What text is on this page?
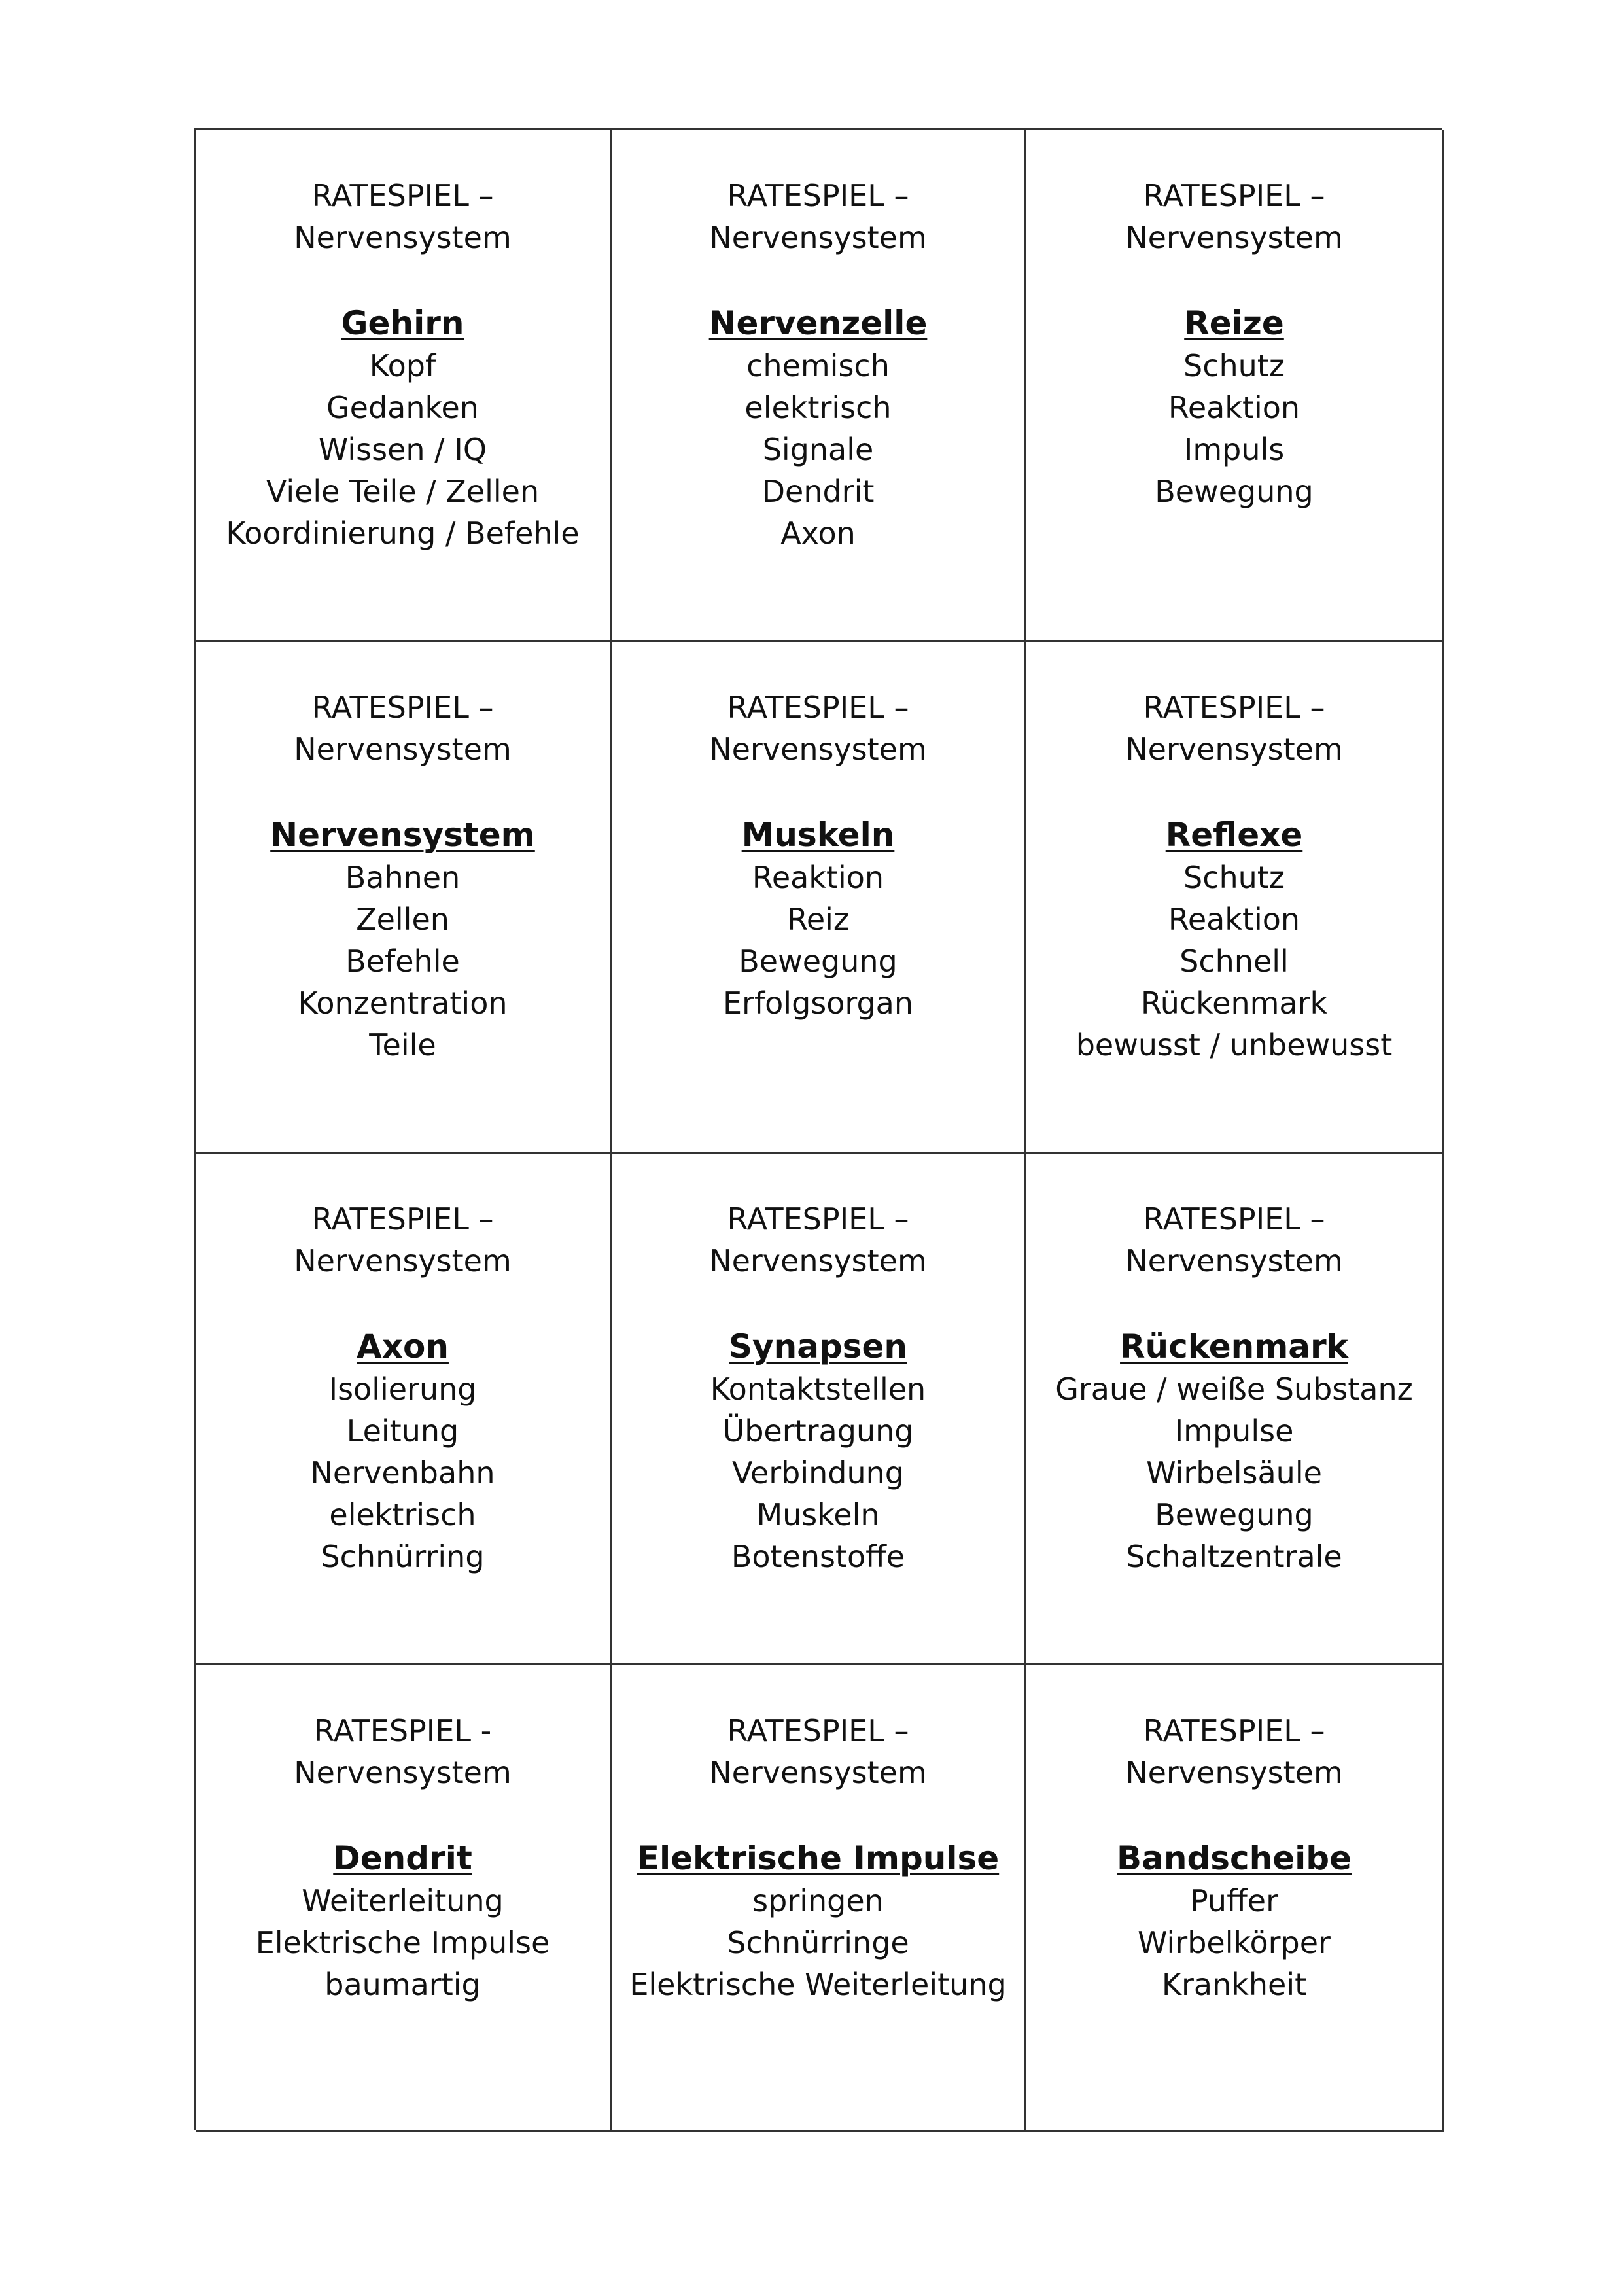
RATESPIEL –
Nervensystem
Gehirn
Kopf
Gedanken
Wissen / IQ
Viele Teile / Zellen
Koordinierung / Befehle
RATESPIEL –
Nervensystem
Nervenzelle
chemisch
elektrisch
Signale
Dendrit
Axon
RATESPIEL –
Nervensystem
Reize
Schutz
Reaktion
Impuls
Bewegung
RATESPIEL –
Nervensystem
Nervensystem
Bahnen
Zellen
Befehle
Konzentration
Teile
RATESPIEL –
Nervensystem
Muskeln
Reaktion
Reiz
Bewegung
Erfolgsorgan
RATESPIEL –
Nervensystem
Reflexe
Schutz
Reaktion
Schnell
Rückenmark
bewusst / unbewusst
RATESPIEL –
Nervensystem
Axon
Isolierung
Leitung
Nervenbahn
elektrisch
Schnürring
RATESPIEL –
Nervensystem
Synapsen
Kontaktstellen
Übertragung
Verbindung
Muskeln
Botenstoffe
RATESPIEL –
Nervensystem
Rückenmark
Graue / weiße Substanz
Impulse
Wirbelsäule
Bewegung
Schaltzentrale
RATESPIEL -
Nervensystem
Dendrit
Weiterleitung
Elektrische Impulse
baumartig
RATESPIEL –
Nervensystem
Elektrische Impulse
springen
Schnürringe
Elektrische Weiterleitung
RATESPIEL –
Nervensystem
Bandscheibe
Puffer
Wirbelkörper
Krankheit
